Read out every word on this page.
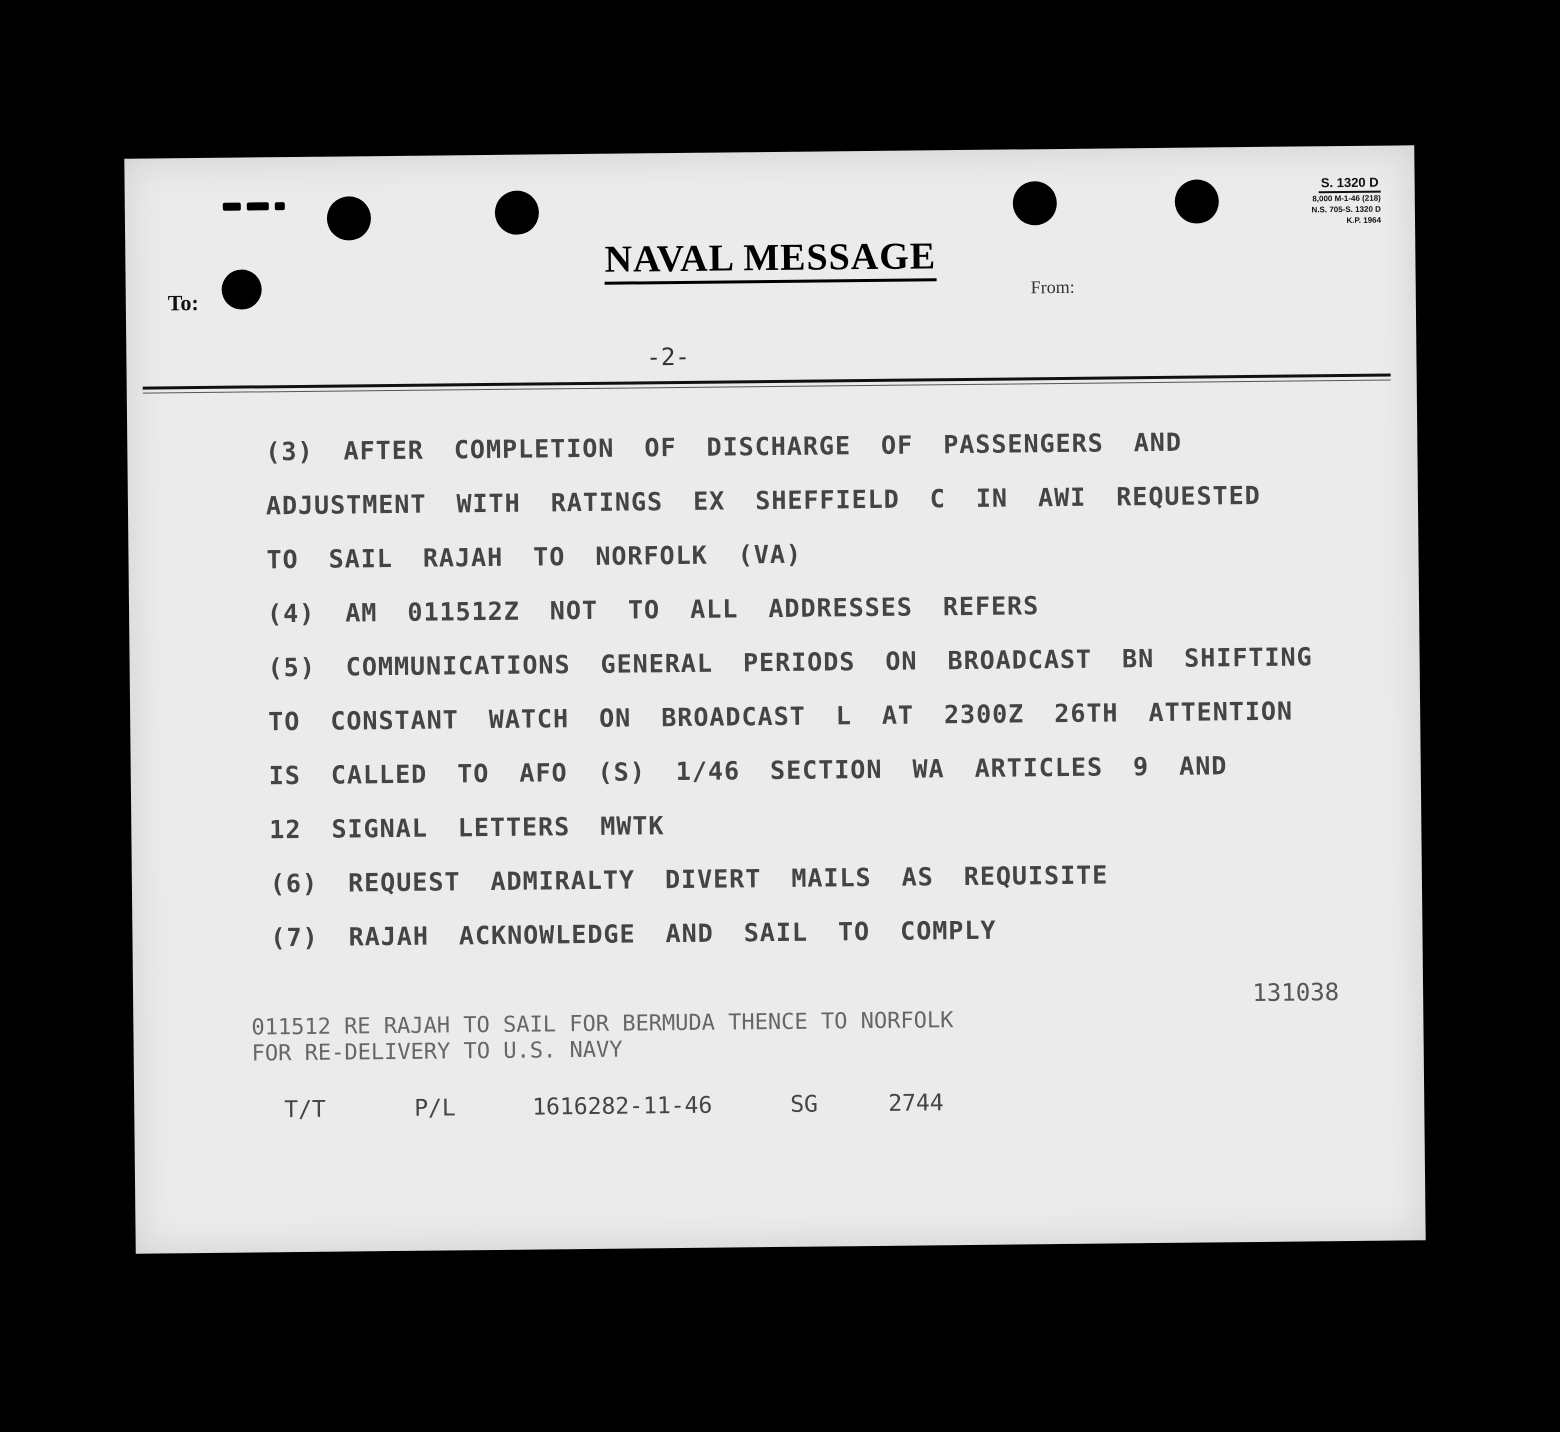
S. 1320 D
8,000 M-1-46 (218)
N.S. 705-S. 1320 D
K.P. 1964
NAVAL MESSAGE
To:
From:
-2-
(3) AFTER COMPLETION OF DISCHARGE OF PASSENGERS AND
ADJUSTMENT WITH RATINGS EX SHEFFIELD C IN AWI REQUESTED
TO SAIL RAJAH TO NORFOLK (VA)
(4) AM 011512Z NOT TO ALL ADDRESSES REFERS
(5) COMMUNICATIONS GENERAL PERIODS ON BROADCAST BN SHIFTING
TO CONSTANT WATCH ON BROADCAST L AT 2300Z 26TH ATTENTION
IS CALLED TO AFO (S) 1/46 SECTION WA ARTICLES 9 AND
12 SIGNAL LETTERS MWTK
(6) REQUEST ADMIRALTY DIVERT MAILS AS REQUISITE
(7) RAJAH ACKNOWLEDGE AND SAIL TO COMPLY
131038
011512 RE RAJAH TO SAIL FOR BERMUDA THENCE TO NORFOLK
FOR RE-DELIVERY TO U.S. NAVY
T/T	P/L	1616282-11-46	SG	2744
